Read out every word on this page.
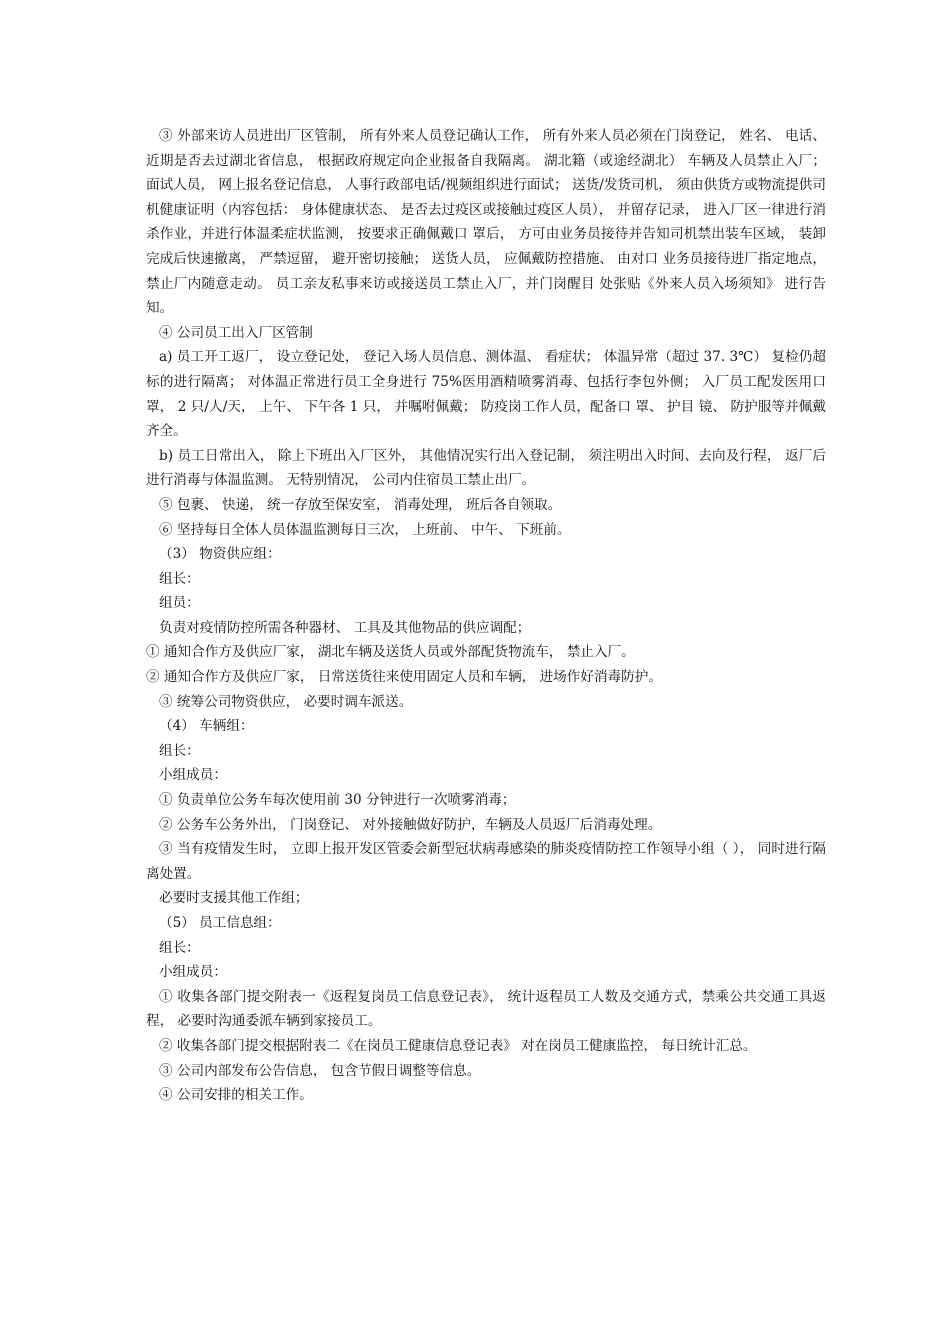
③ 外部来访人员进出厂区管制， 所有外来人员登记确认工作， 所有外来人员必须在门岗登记， 姓名、 电话、 近期是否去过湖北省信息， 根据政府规定向企业报备自我隔离。 湖北籍（或途经湖北） 车辆及人员禁止入厂； 面试人员， 网上报名登记信息， 人事行政部电话/视频组织进行面试； 送货/发货司机， 须由供货方或物流提供司机健康证明（内容包括： 身体健康状态、 是否去过疫区或接触过疫区人员）， 并留存记录， 进入厂区一律进行消杀作业，并进行体温柔症状监测， 按要求正确佩戴口 罩后， 方可由业务员接待并告知司机禁出装车区域， 装卸完成后快速撤离， 严禁逗留， 避开密切接触； 送货人员， 应佩戴防控措施、 由对口 业务员接待进厂指定地点， 禁止厂内随意走动。 员工亲友私事来访或接送员工禁止入厂，并门岗醒目 处张贴《外来人员入场须知》 进行告知。

④ 公司员工出入厂区管制

a) 员工开工返厂， 设立登记处， 登记入场人员信息、测体温、 看症状； 体温异常（超过 37. 3℃） 复检仍超标的进行隔离； 对体温正常进行员工全身进行 75%医用酒精喷雾消毒、包括行李包外侧； 入厂员工配发医用口 罩， 2 只/人/天， 上午、 下午各 1 只， 并嘱咐佩戴； 防疫岗工作人员，配备口 罩、 护目 镜、 防护服等并佩戴齐全。

b) 员工日常出入， 除上下班出入厂区外， 其他情况实行出入登记制， 须注明出入时间、去向及行程， 返厂后进行消毒与体温监测。 无特别情况， 公司内住宿员工禁止出厂。

⑤ 包裹、 快递， 统一存放至保安室， 消毒处理， 班后各自领取。

⑥ 坚持每日全体人员体温监测每日三次， 上班前、 中午、 下班前。

（3） 物资供应组：

组长：

组员：

负责对疫情防控所需各种器材、 工具及其他物品的供应调配；

① 通知合作方及供应厂家， 湖北车辆及送货人员或外部配货物流车， 禁止入厂。

② 通知合作方及供应厂家， 日常送货往来使用固定人员和车辆， 进场作好消毒防护。

③ 统筹公司物资供应， 必要时调车派送。

（4） 车辆组：

组长：

小组成员：

① 负责单位公务车每次使用前 30 分钟进行一次喷雾消毒；

② 公务车公务外出， 门岗登记、 对外接触做好防护，车辆及人员返厂后消毒处理。

③ 当有疫情发生时， 立即上报开发区管委会新型冠状病毒感染的肺炎疫情防控工作领导小组（ ）， 同时进行隔离处置。

必要时支援其他工作组；

（5） 员工信息组：

组长：

小组成员：

① 收集各部门提交附表一《返程复岗员工信息登记表》， 统计返程员工人数及交通方式，禁乘公共交通工具返程， 必要时沟通委派车辆到家接员工。

② 收集各部门提交根据附表二《在岗员工健康信息登记表》 对在岗员工健康监控， 每日统计汇总。

③ 公司内部发布公告信息， 包含节假日调整等信息。

④ 公司安排的相关工作。
